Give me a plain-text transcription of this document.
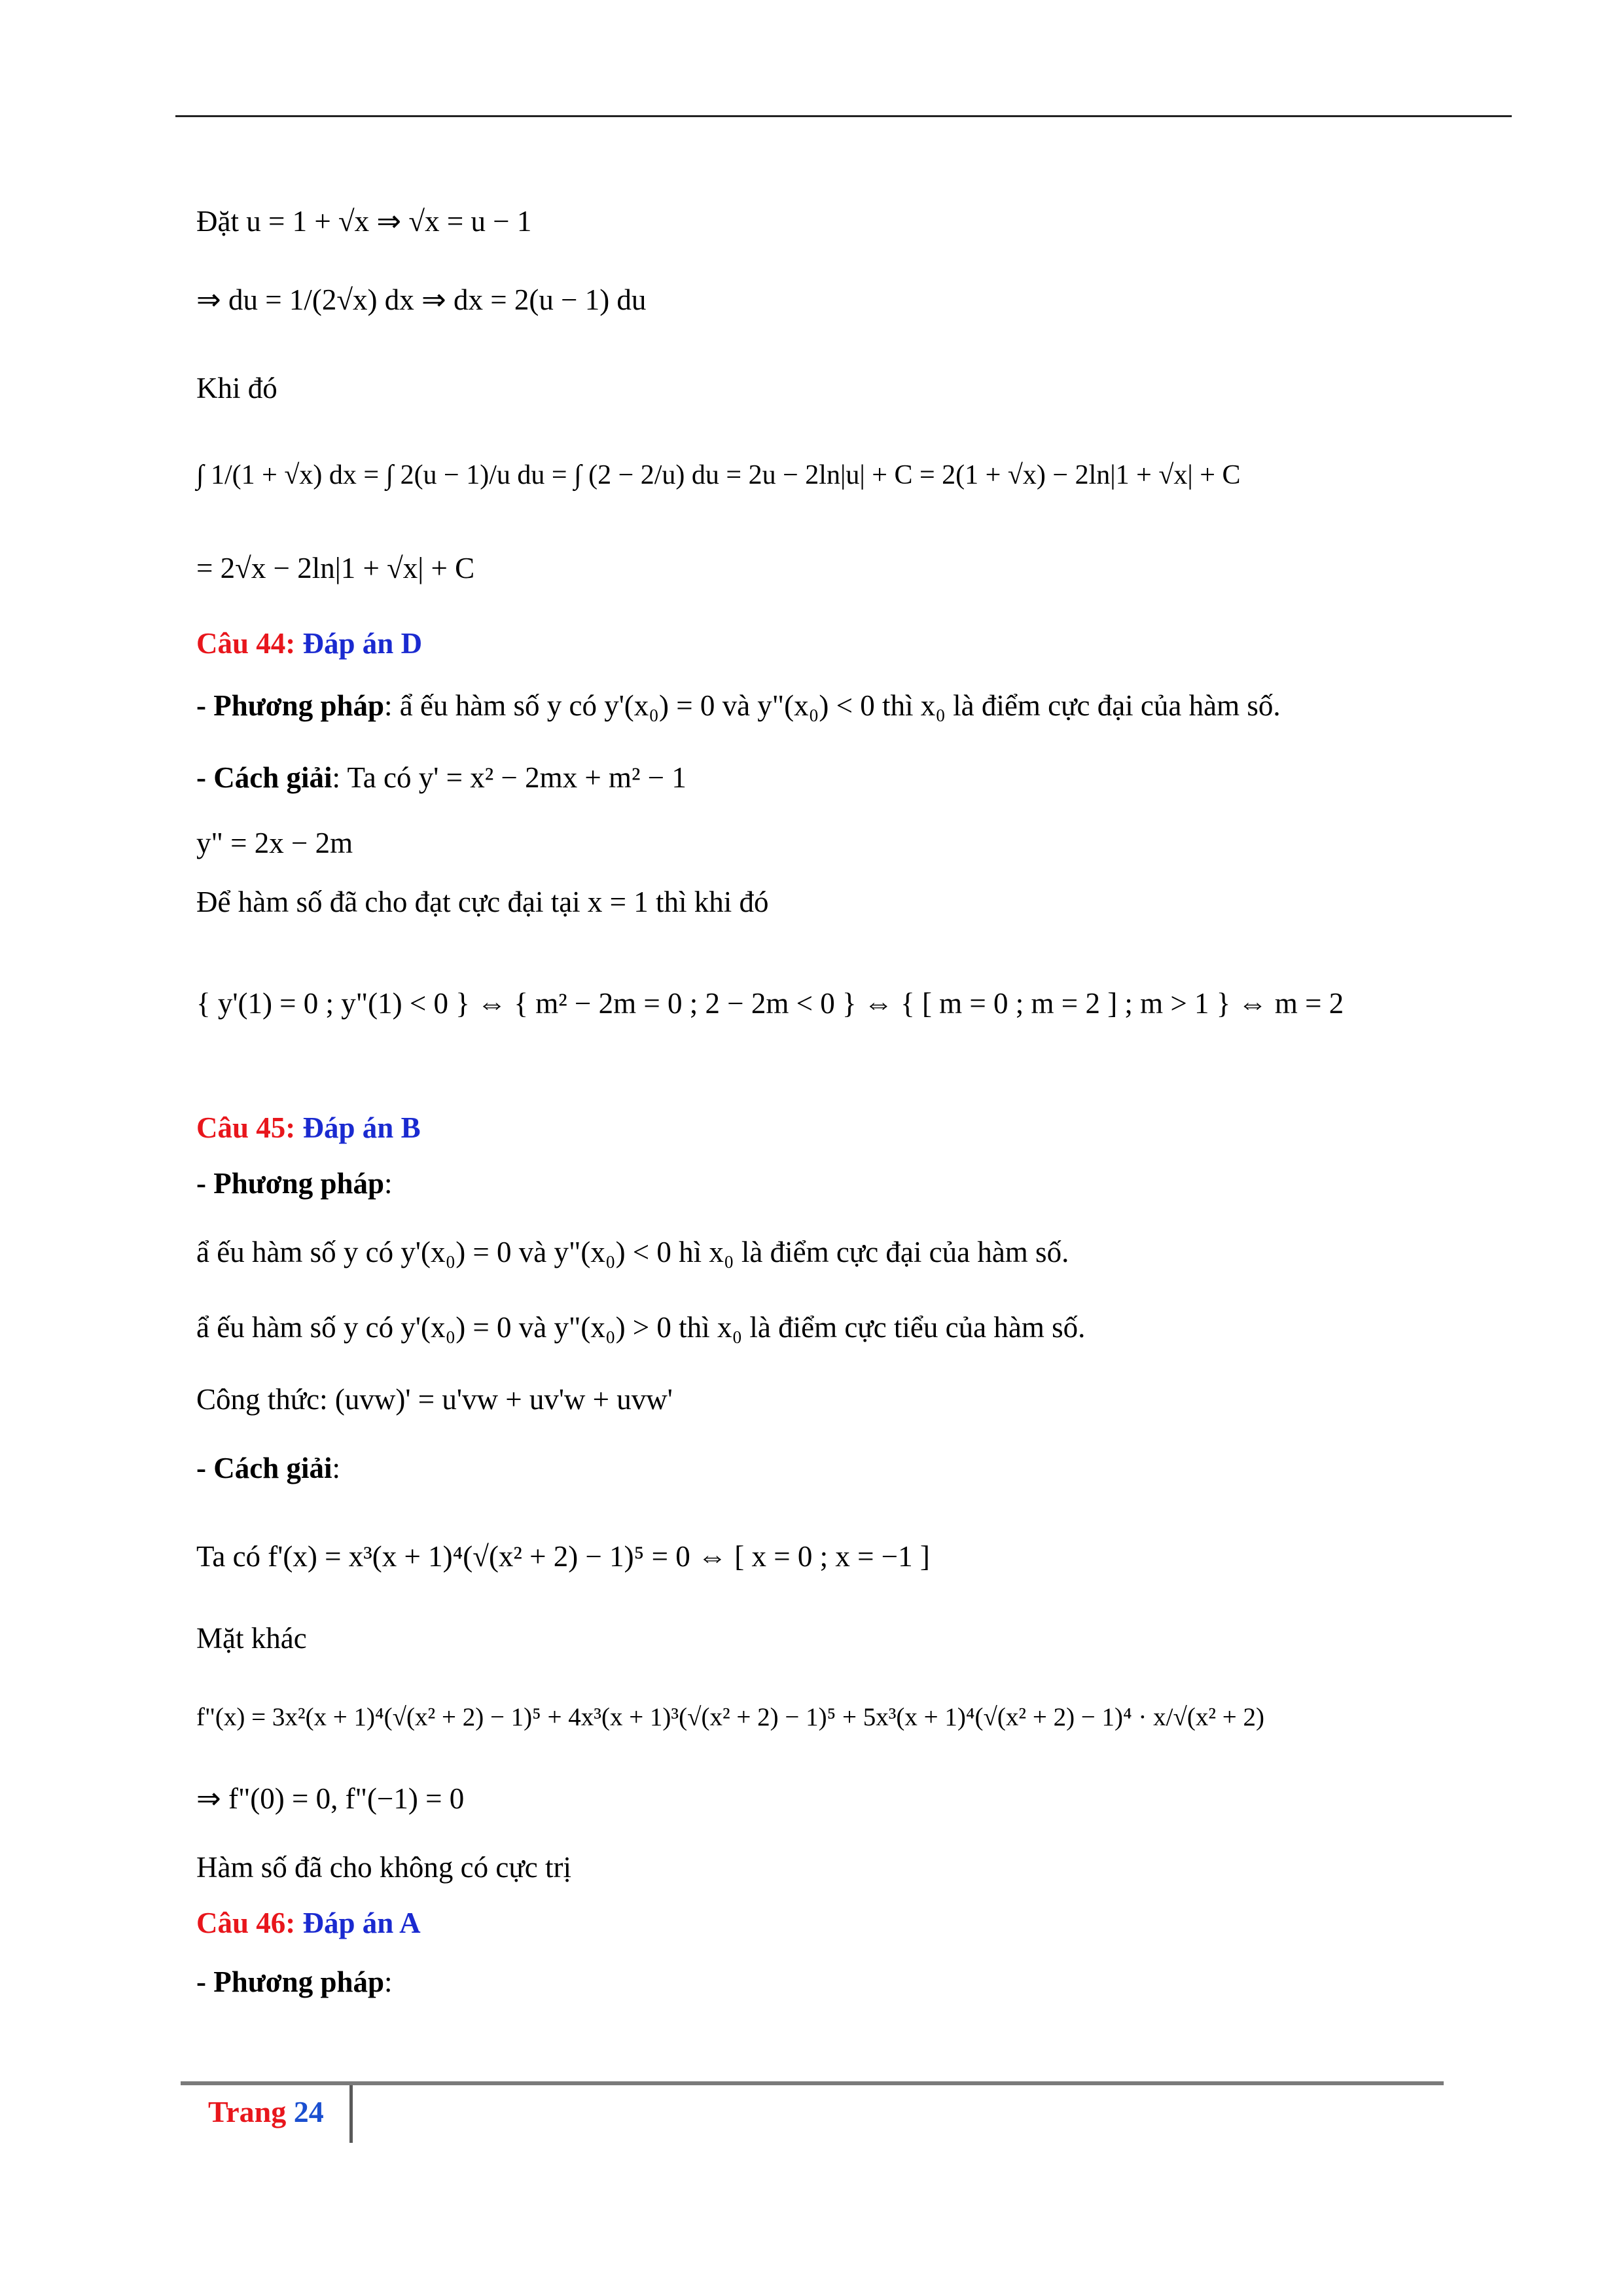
Đặt u = 1 + √x ⇒ √x = u − 1
⇒ du = 1/(2√x) dx ⇒ dx = 2(u − 1) du
Khi đó
∫ 1/(1 + √x) dx = ∫ 2(u − 1)/u du = ∫ (2 − 2/u) du = 2u − 2ln|u| + C = 2(1 + √x) − 2ln|1 + √x| + C
= 2√x − 2ln|1 + √x| + C
Câu 44: Đáp án D
- Phương pháp: ẩ ếu hàm số y có y'(x₀) = 0 và y"(x₀) < 0 thì x₀ là điểm cực đại của hàm số.
- Cách giải: Ta có y' = x² − 2mx + m² − 1
y" = 2x − 2m
Để hàm số đã cho đạt cực đại tại x = 1 thì khi đó
{ y'(1) = 0 ; y"(1) < 0 } ⇔ { m² − 2m = 0 ; 2 − 2m < 0 } ⇔ { [ m = 0 ; m = 2 ] ; m > 1 } ⇔ m = 2
Câu 45: Đáp án B
- Phương pháp:
ẩ ếu hàm số y có y'(x₀) = 0 và y"(x₀) < 0 hì x₀ là điểm cực đại của hàm số.
ẩ ếu hàm số y có y'(x₀) = 0 và y"(x₀) > 0 thì x₀ là điểm cực tiểu của hàm số.
Công thức: (uvw)' = u'vw + uv'w + uvw'
- Cách giải:
Ta có f'(x) = x³(x + 1)⁴(√(x² + 2) − 1)⁵ = 0 ⇔ [ x = 0 ; x = −1 ]
Mặt khác
f"(x) = 3x²(x + 1)⁴(√(x² + 2) − 1)⁵ + 4x³(x + 1)³(√(x² + 2) − 1)⁵ + 5x³(x + 1)⁴(√(x² + 2) − 1)⁴ · x/√(x² + 2)
⇒ f"(0) = 0, f"(−1) = 0
Hàm số đã cho không có cực trị
Câu 46: Đáp án A
- Phương pháp:
Trang 24
